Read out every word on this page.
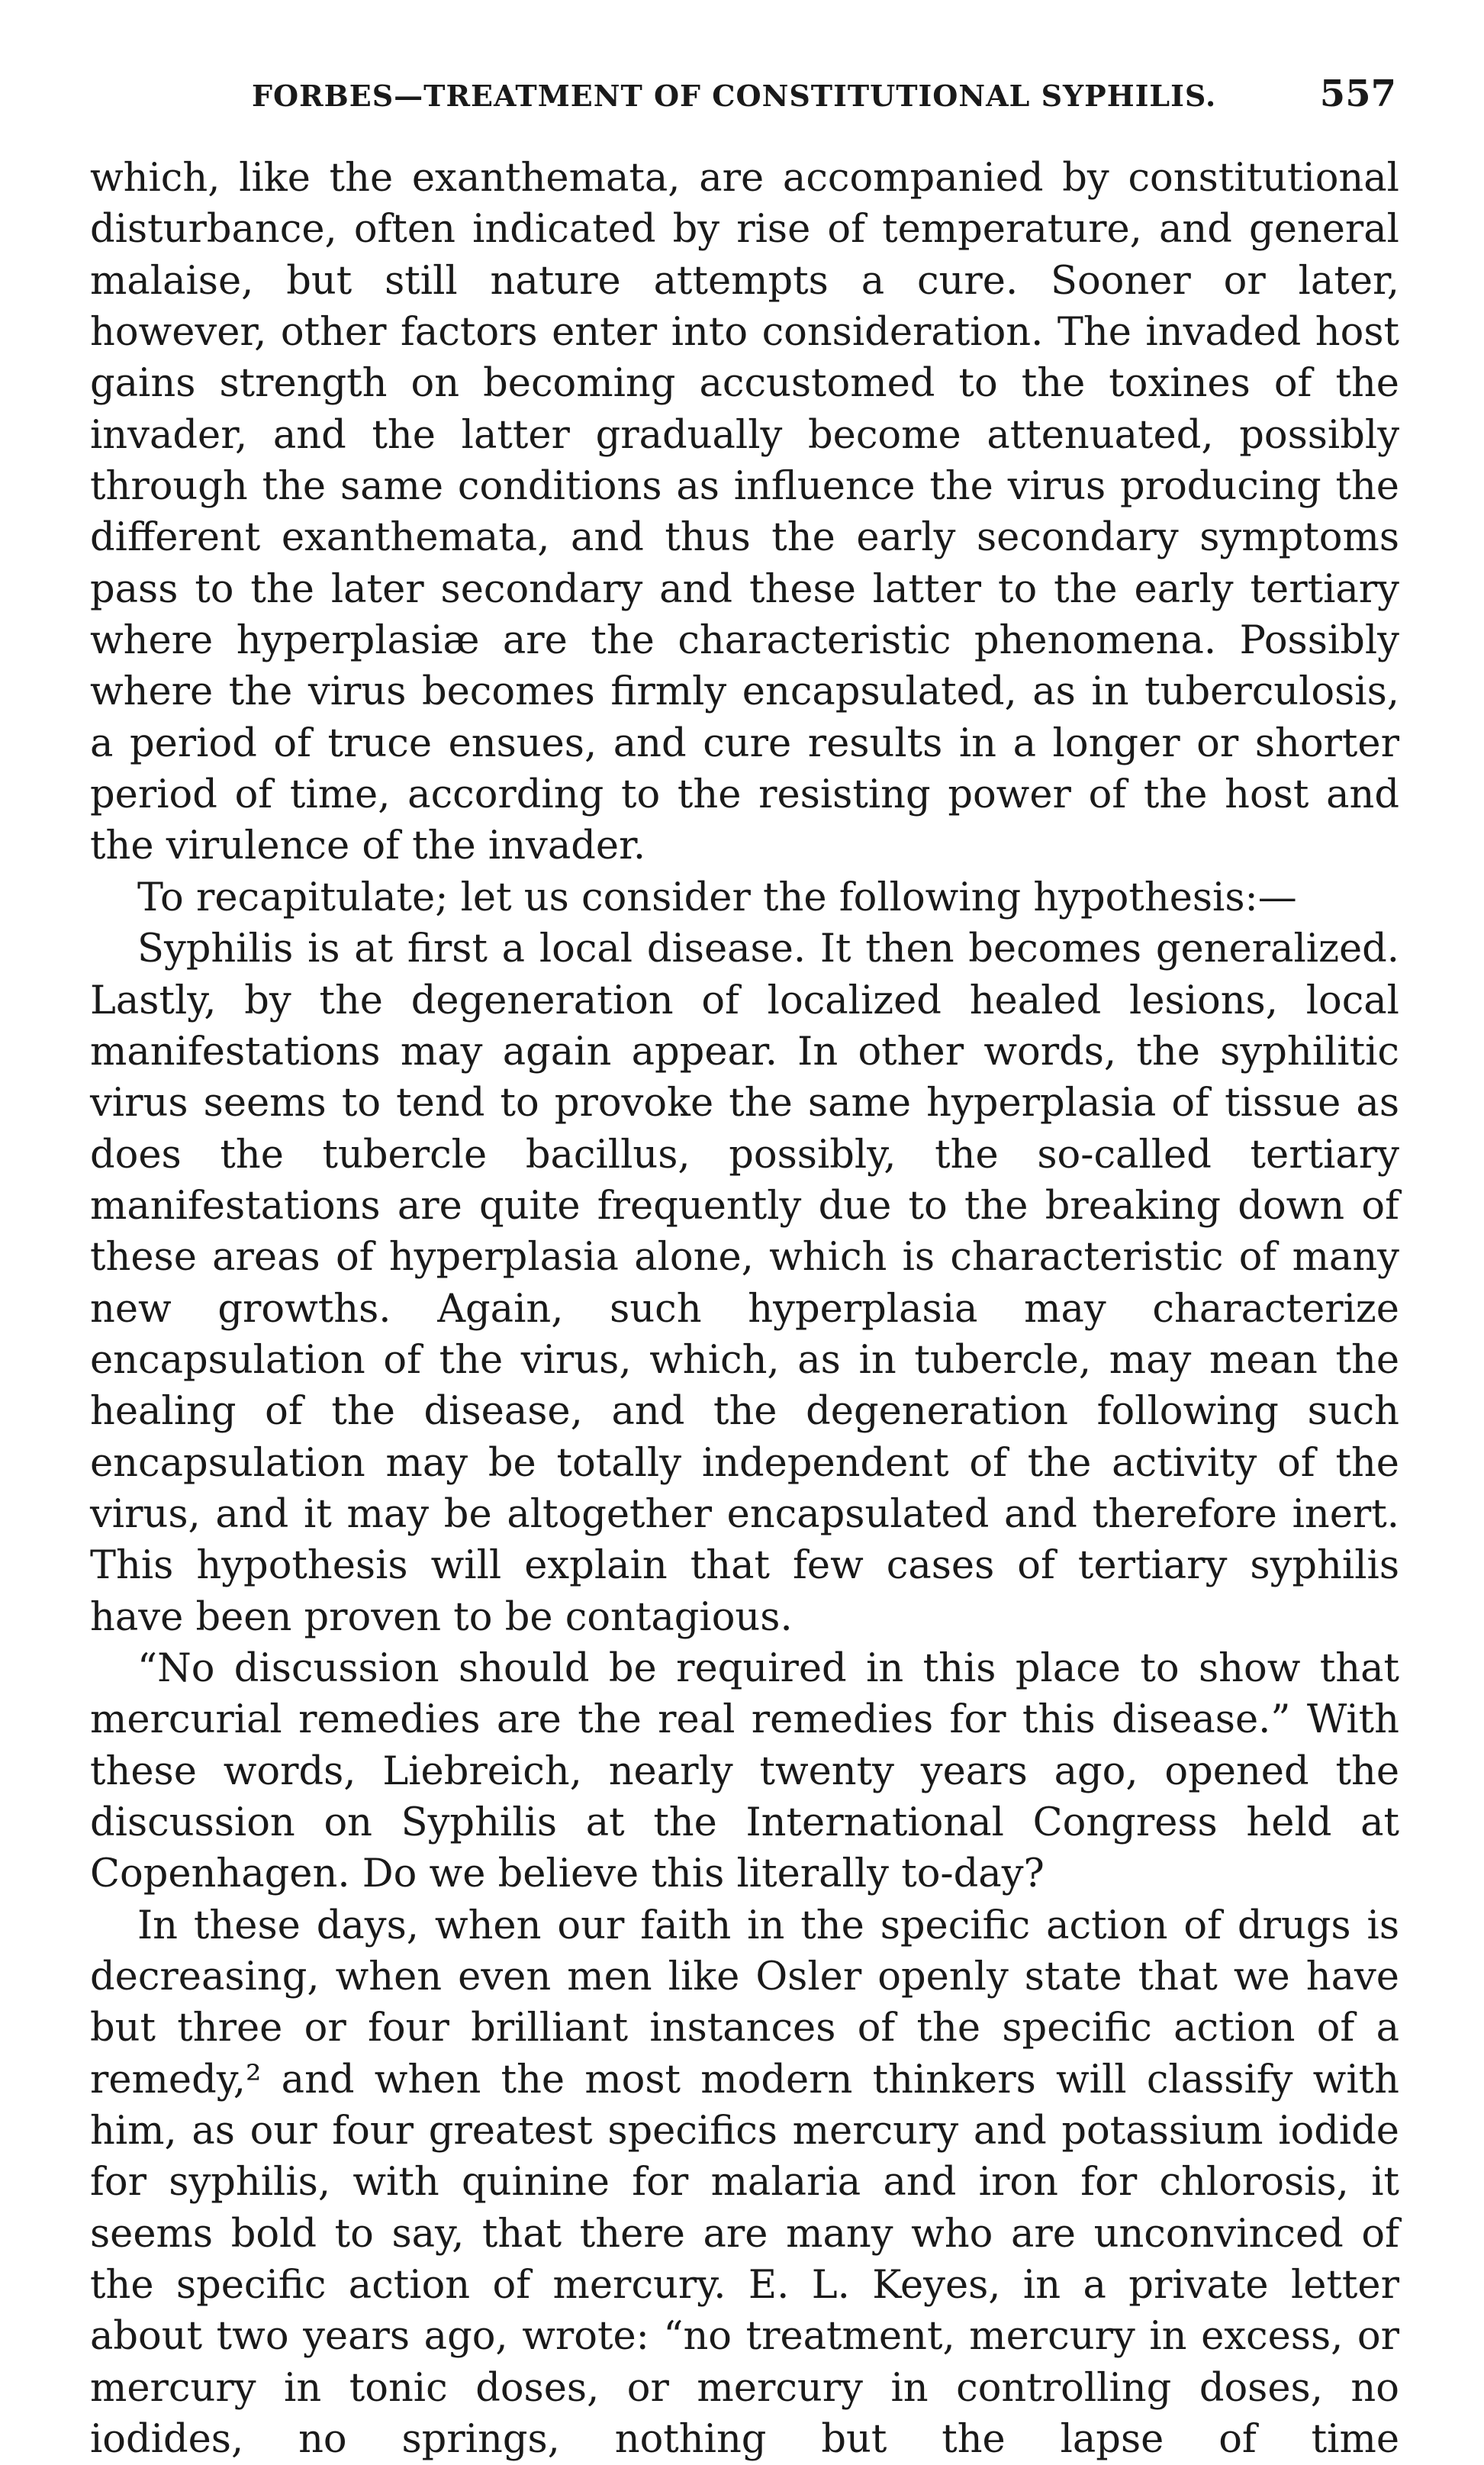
FORBES—TREATMENT OF CONSTITUTIONAL SYPHILIS.	557

which, like the exanthemata, are accompanied by constitutional disturbance, often indicated by rise of temperature, and general malaise, but still nature attempts a cure. Sooner or later, however, other factors enter into consideration. The invaded host gains strength on becoming accustomed to the toxines of the invader, and the latter gradually become attenuated, possibly through the same conditions as influence the virus producing the different exanthemata, and thus the early secondary symptoms pass to the later secondary and these latter to the early tertiary where hyperplasiæ are the characteristic phenomena. Possibly where the virus becomes firmly encapsulated, as in tuberculosis, a period of truce ensues, and cure results in a longer or shorter period of time, according to the resisting power of the host and the virulence of the invader.

To recapitulate; let us consider the following hypothesis:—

Syphilis is at first a local disease. It then becomes generalized. Lastly, by the degeneration of localized healed lesions, local manifestations may again appear. In other words, the syphilitic virus seems to tend to provoke the same hyperplasia of tissue as does the tubercle bacillus, possibly, the so-called tertiary manifestations are quite frequently due to the breaking down of these areas of hyperplasia alone, which is characteristic of many new growths. Again, such hyperplasia may characterize encapsulation of the virus, which, as in tubercle, may mean the healing of the disease, and the degeneration following such encapsulation may be totally independent of the activity of the virus, and it may be altogether encapsulated and therefore inert. This hypothesis will explain that few cases of tertiary syphilis have been proven to be contagious.

“No discussion should be required in this place to show that mercurial remedies are the real remedies for this disease.” With these words, Liebreich, nearly twenty years ago, opened the discussion on Syphilis at the International Congress held at Copenhagen. Do we believe this literally to-day?

In these days, when our faith in the specific action of drugs is decreasing, when even men like Osler openly state that we have but three or four brilliant instances of the specific action of a remedy,² and when the most modern thinkers will classify with him, as our four greatest specifics mercury and potassium iodide for syphilis, with quinine for malaria and iron for chlorosis, it seems bold to say, that there are many who are unconvinced of the specific action of mercury. E. L. Keyes, in a private letter about two years ago, wrote: “no treatment, mercury in excess, or mercury in tonic doses, or mercury in controlling doses, no iodides, no springs, nothing but the lapse of time
